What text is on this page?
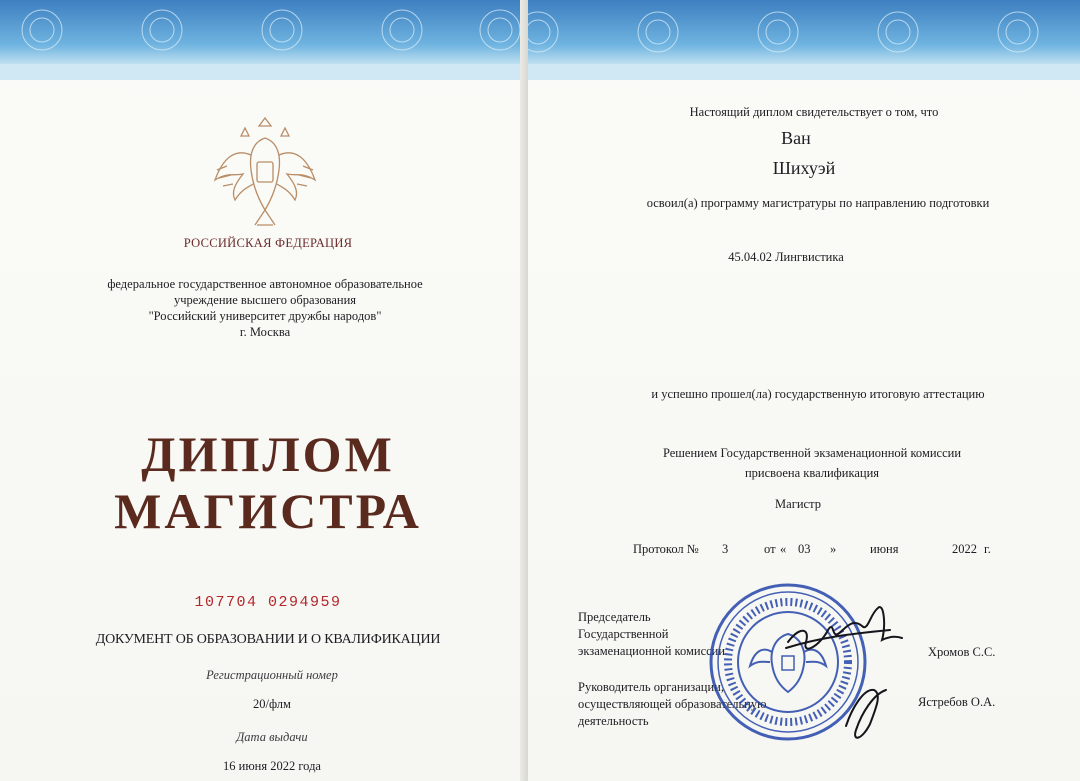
РОССИЙСКАЯ ФЕДЕРАЦИЯ
федеральное государственное автономное образовательное
учреждение высшего образования
"Российский университет дружбы народов"
г. Москва
ДИПЛОМ
МАГИСТРА
107704 0294959
ДОКУМЕНТ ОБ ОБРАЗОВАНИИ И О КВАЛИФИКАЦИИ
Регистрационный номер
20/флм
Дата выдачи
16 июня 2022 года
Настоящий диплом свидетельствует о том, что
Ван
Шихуэй
освоил(а) программу магистратуры по направлению подготовки
45.04.02 Лингвистика
и успешно прошел(ла) государственную итоговую аттестацию
Решением Государственной экзаменационной комиссии
присвоена квалификация
Магистр
Протокол № 3	от « 03 »	июня	2022 г.
Председатель
Государственной
экзаменационной комиссии	Хромов С.С.
Руководитель организации,
осуществляющей образовательную
деятельность
Ястребов О.А.
